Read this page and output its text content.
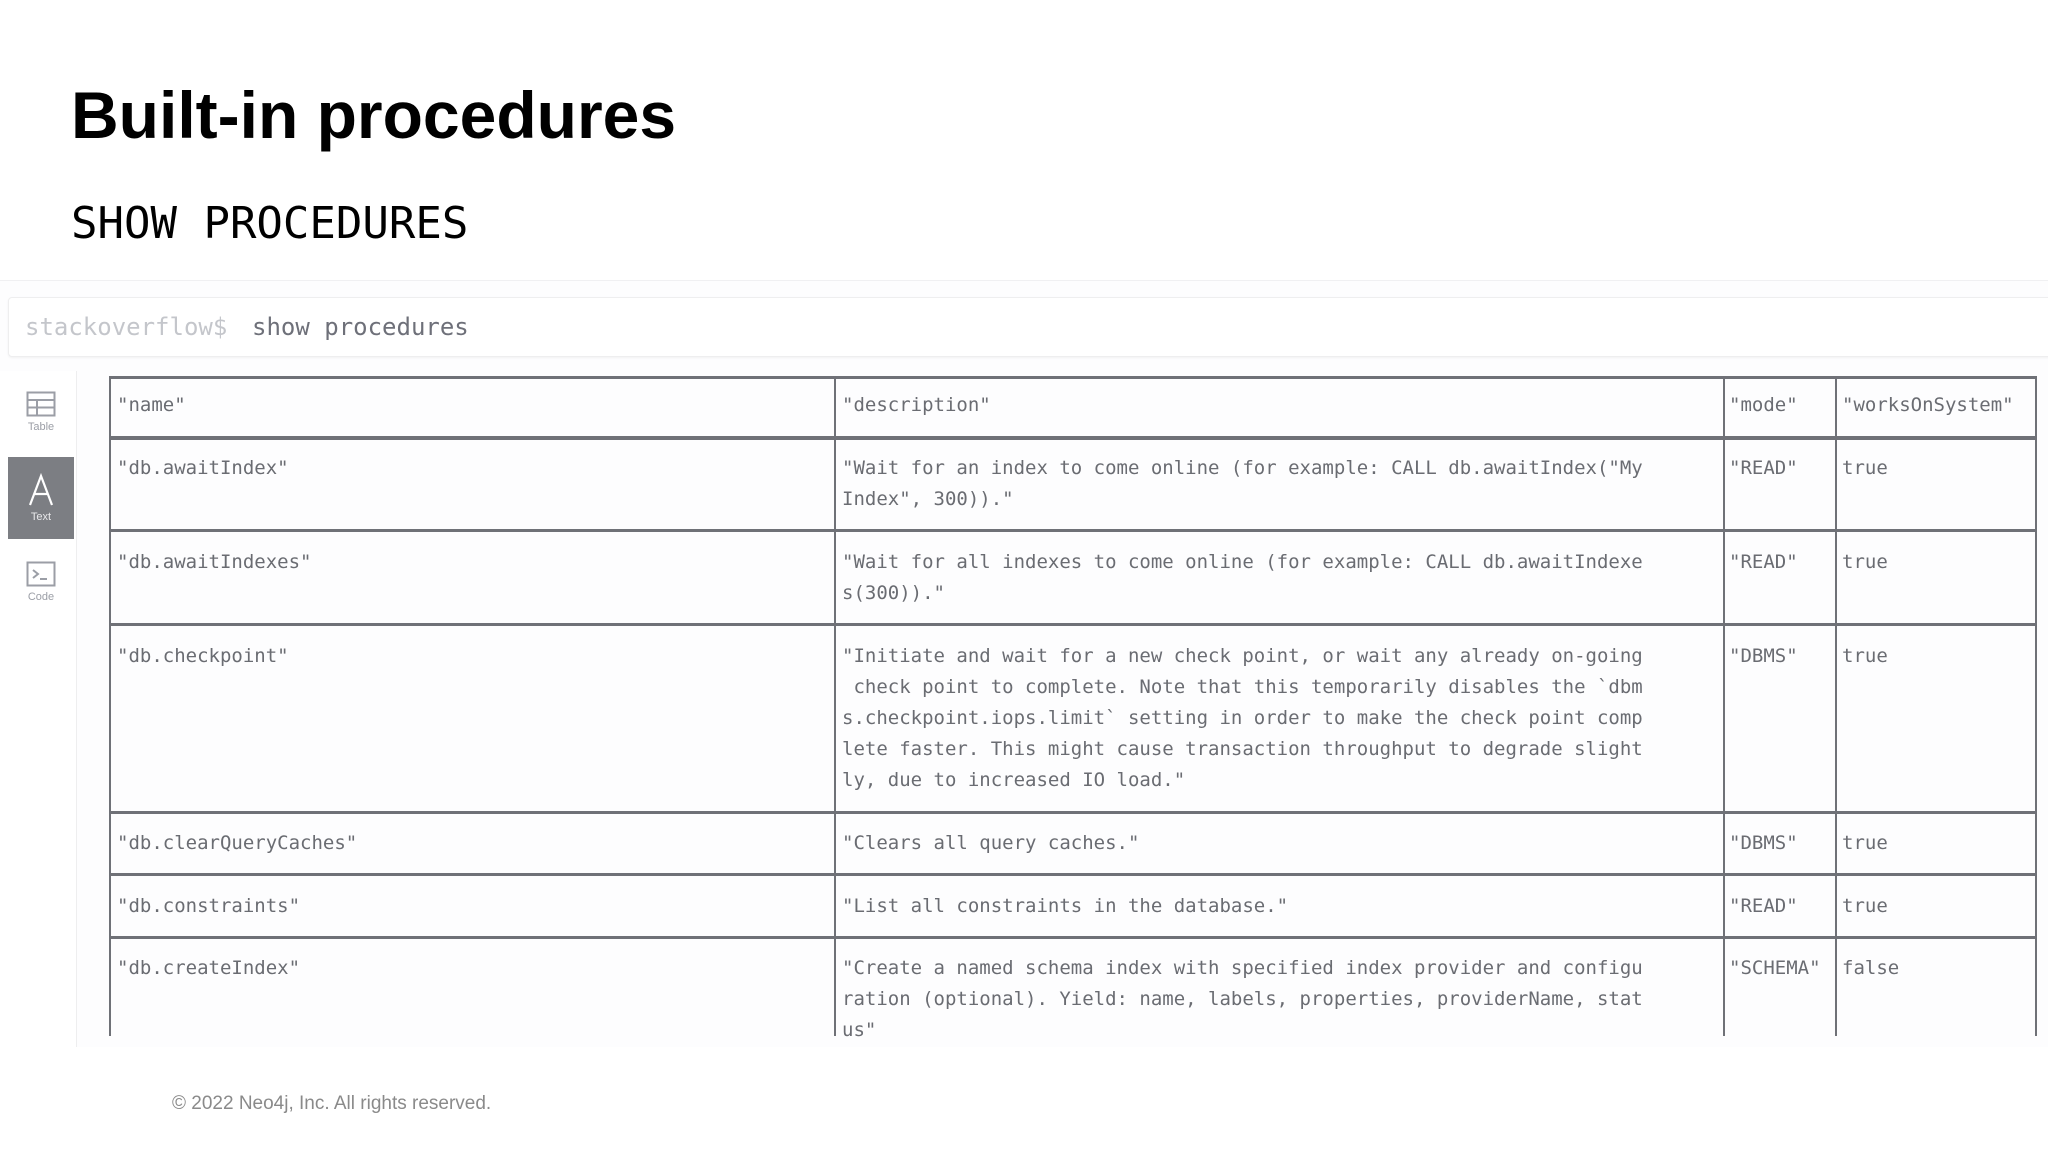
Built-in procedures
SHOW PROCEDURES
stackoverflow$ show procedures
Table
Text
Code
"name"	"description"	"mode" "worksOnSystem"
"db.awaitIndex"	"Wait for an index to come online (for example: CALL db.awaitIndex("My
Index", 300))."
"READ" true
"db.awaitIndexes"	"Wait for all indexes to come online (for example: CALL db.awaitIndexe
s(300))."
"READ" true
"db.checkpoint"	"Initiate and wait for a new check point, or wait any already on-going
check point to complete. Note that this temporarily disables the `dbm
s.checkpoint.iops.limit` setting in order to make the check point comp
lete faster. This might cause transaction throughput to degrade slight
ly, due to increased IO load."
"DBMS" true
"db.clearQueryCaches"	"Clears all query caches."	"DBMS" true
"db.constraints"	"List all constraints in the database."	"READ" true
"db.createIndex"	"Create a named schema index with specified index provider and configu
ration (optional). Yield: name, labels, properties, providerName, stat
us"
"SCHEMA" false
© 2022 Neo4j, Inc. All rights reserved.
